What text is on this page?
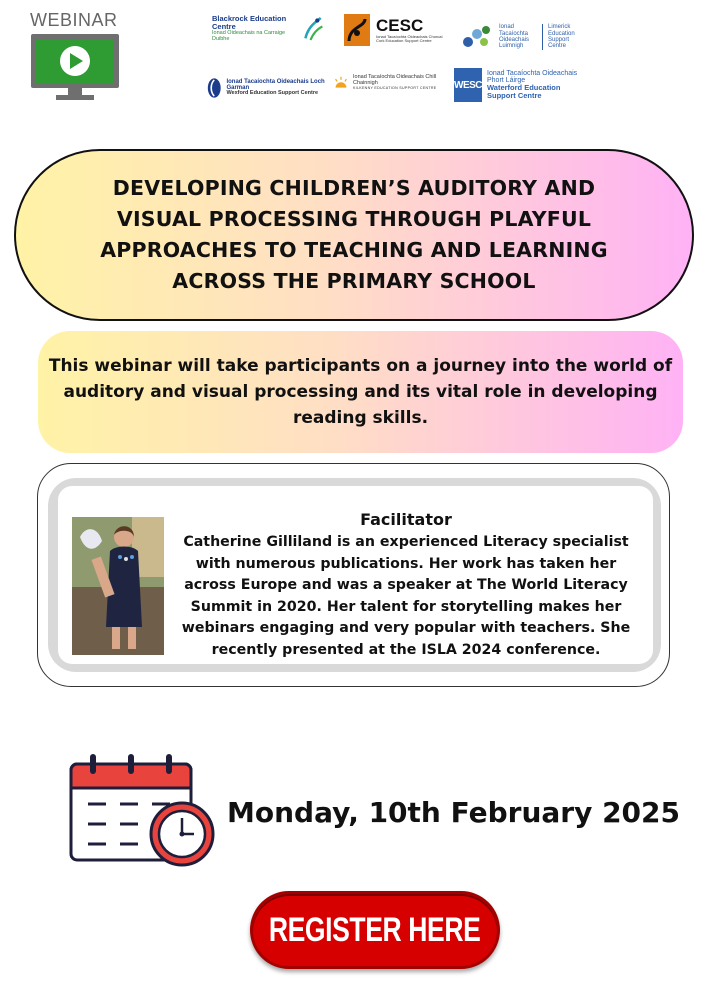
WEBINAR	Blackrock Education Centre
Ionad Oideachais na Carraige Duibhe
CESC
Ionad Tacaíochta Oideachais Chorcaí
Cork Education Support Centre
Ionad Tacaíochta Oideachais Luimnigh
Limerick Education Support Centre
Ionad Tacaíochta Oideachais Loch Garman
Wexford Education Support Centre
Ionad Tacaíochta Oideachais Chill Chainnigh
KILKENNY EDUCATION SUPPORT CENTRE WESC
Ionad Tacaíochta Oideachais Phort Láirge
Waterford Education Support Centre
DEVELOPING CHILDREN’S AUDITORY AND VISUAL PROCESSING THROUGH PLAYFUL APPROACHES TO TEACHING AND LEARNING ACROSS THE PRIMARY SCHOOL
This webinar will take participants on a journey into the world of auditory and visual processing and its vital role in developing reading skills.
Facilitator
Catherine Gilliland is an experienced Literacy specialist with numerous publications. Her work has taken her across Europe and was a speaker at The World Literacy Summit in 2020. Her talent for storytelling makes her webinars engaging and very popular with teachers. She recently presented at the ISLA 2024 conference.
Monday, 10th February 2025
REGISTER HERE
